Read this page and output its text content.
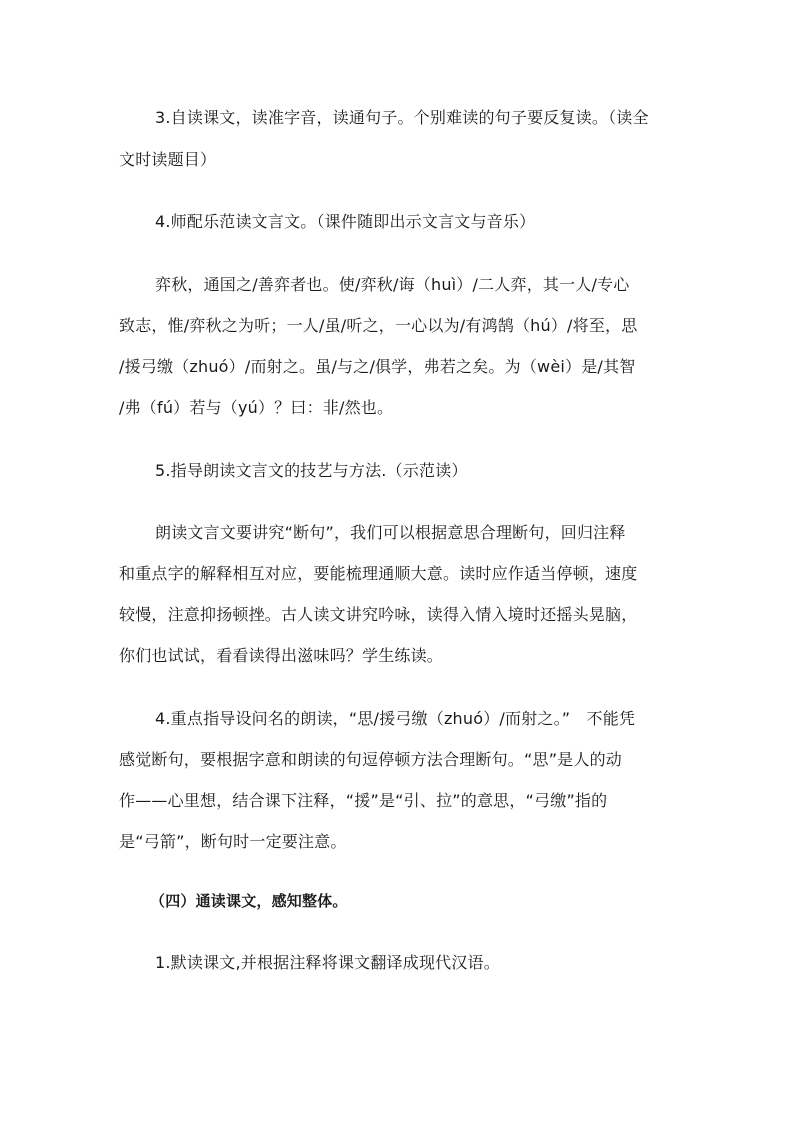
3.自读课文，读准字音，读通句子。个别难读的句子要反复读。（读全
文时读题目）
4.师配乐范读文言文。（课件随即出示文言文与音乐）
弈秋，通国之/善弈者也。使/弈秋/诲（huì）/二人弈，其一人/专心
致志，惟/弈秋之为听；一人/虽/听之，一心以为/有鸿鹄（hú）/将至，思
/援弓缴（zhuó）/而射之。虽/与之/俱学，弗若之矣。为（wèi）是/其智
/弗（fú）若与（yú）？曰：非/然也。
5.指导朗读文言文的技艺与方法.（示范读）
朗读文言文要讲究“断句”，我们可以根据意思合理断句，回归注释
和重点字的解释相互对应，要能梳理通顺大意。读时应作适当停顿，速度
较慢，注意抑扬顿挫。古人读文讲究吟咏，读得入情入境时还摇头晃脑，
你们也试试，看看读得出滋味吗？学生练读。
4.重点指导设问名的朗读，“思/援弓缴（zhuó）/而射之。”　不能凭
感觉断句，要根据字意和朗读的句逗停顿方法合理断句。“思”是人的动
作——心里想，结合课下注释，“援”是“引、拉”的意思，“弓缴”指的
是“弓箭”，断句时一定要注意。
（四）通读课文，感知整体。
1.默读课文,并根据注释将课文翻译成现代汉语。
